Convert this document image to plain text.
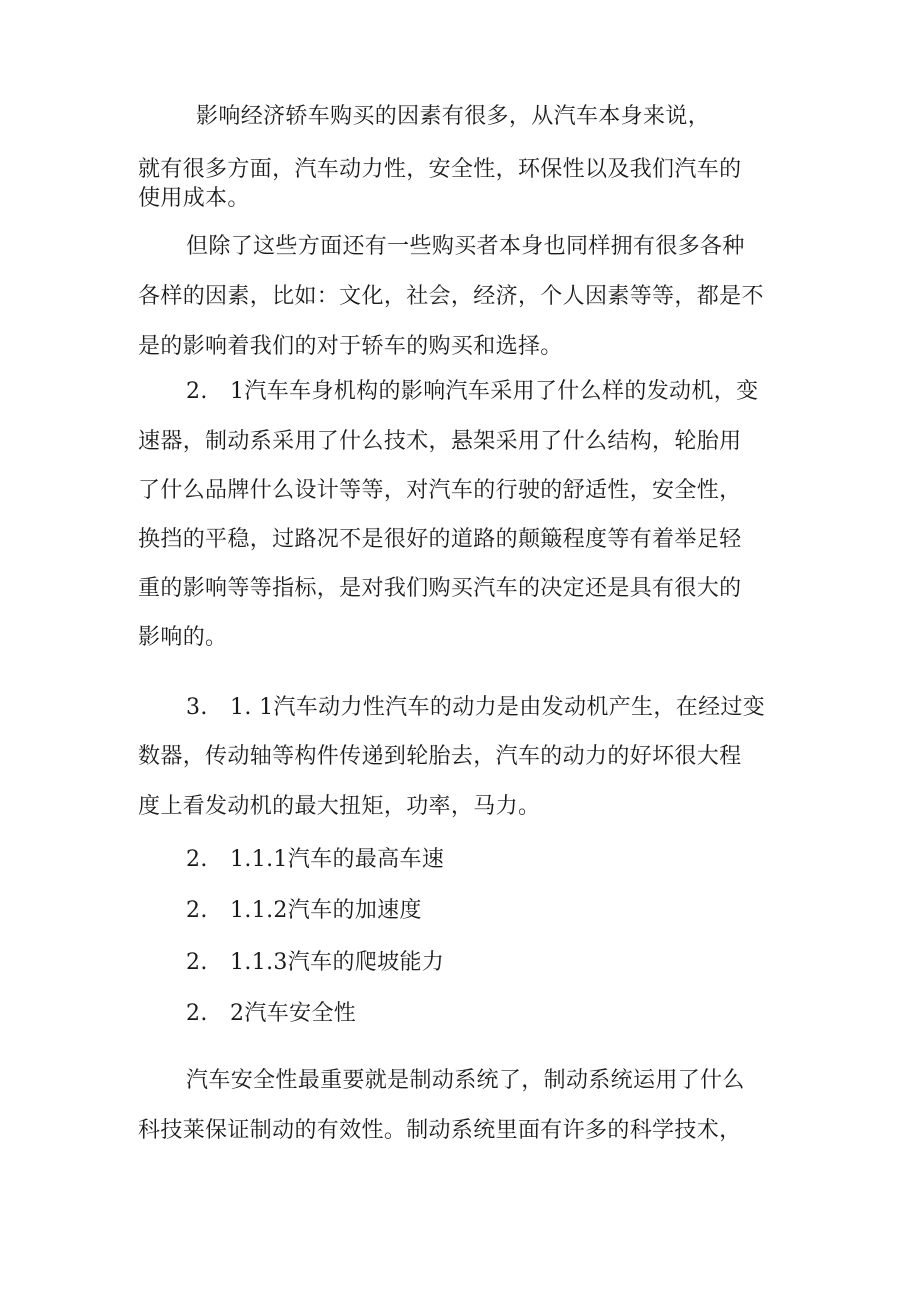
影响经济轿车购买的因素有很多，从汽车本身来说，
就有很多方面，汽车动力性，安全性，环保性以及我们汽车的
使用成本。
但除了这些方面还有一些购买者本身也同样拥有很多各种
各样的因素，比如：文化，社会，经济，个人因素等等，都是不
是的影响着我们的对于轿车的购买和选择。
2.　1汽车车身机构的影响汽车采用了什么样的发动机，变
速器，制动系采用了什么技术，悬架采用了什么结构，轮胎用
了什么品牌什么设计等等，对汽车的行驶的舒适性，安全性，
换挡的平稳，过路况不是很好的道路的颠簸程度等有着举足轻
重的影响等等指标，是对我们购买汽车的决定还是具有很大的
影响的。
3.　1. 1汽车动力性汽车的动力是由发动机产生，在经过变
数器，传动轴等构件传递到轮胎去，汽车的动力的好坏很大程
度上看发动机的最大扭矩，功率，马力。
2.　1.1.1汽车的最高车速
2.　1.1.2汽车的加速度
2.　1.1.3汽车的爬坡能力
2.　2汽车安全性
汽车安全性最重要就是制动系统了，制动系统运用了什么
科技莱保证制动的有效性。制动系统里面有许多的科学技术，
